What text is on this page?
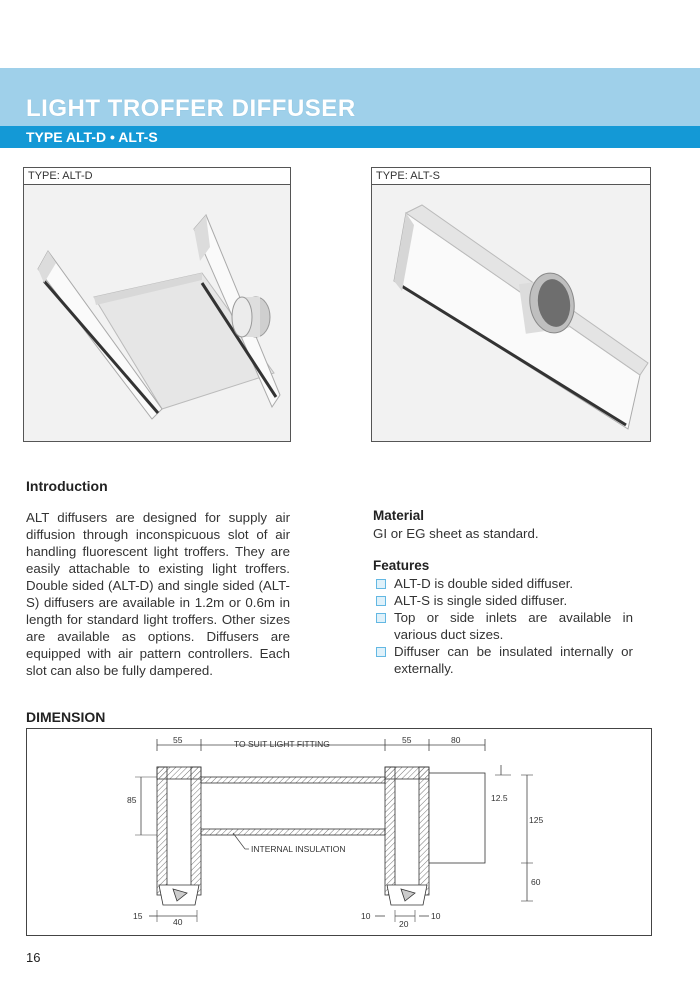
LIGHT TROFFER DIFFUSER
TYPE ALT-D • ALT-S
TYPE: ALT-D	TYPE: ALT-S
Introduction
ALT diffusers are designed for supply air diffusion through inconspicuous slot of air handling fluorescent light troffers. They are easily attachable to existing light troffers. Double sided (ALT-D) and single sided (ALT-S) diffusers are available in 1.2m or 0.6m in length for standard light troffers. Other sizes are available as options. Diffusers are equipped with air pattern controllers. Each slot can also be fully dampered.
Material
GI or EG sheet as standard.
Features
ALT-D is double sided diffuser.
ALT-S is single sided diffuser.
Top or side inlets are available in various duct sizes.
Diffuser can be insulated internally or externally.
DIMENSION
55	TO SUIT LIGHT FITTING	55	80
INTERNAL INSULATION
85	12.5
125
60
15
40
10
20
10
16
